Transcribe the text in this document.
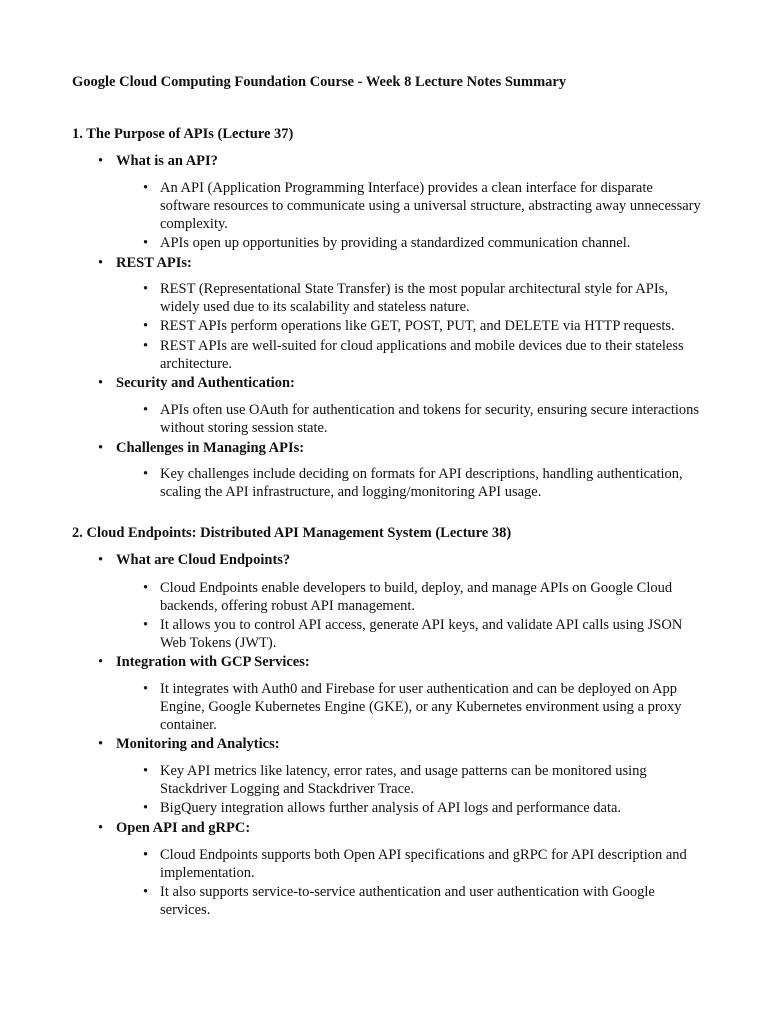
Google Cloud Computing Foundation Course - Week 8 Lecture Notes Summary
1. The Purpose of APIs (Lecture 37)
• What is an API?
• An API (Application Programming Interface) provides a clean interface for disparate software resources to communicate using a universal structure, abstracting away unnecessary complexity.
• APIs open up opportunities by providing a standardized communication channel.
• REST APIs:
• REST (Representational State Transfer) is the most popular architectural style for APIs, widely used due to its scalability and stateless nature.
• REST APIs perform operations like GET, POST, PUT, and DELETE via HTTP requests.
• REST APIs are well-suited for cloud applications and mobile devices due to their stateless architecture.
• Security and Authentication:
• APIs often use OAuth for authentication and tokens for security, ensuring secure interactions without storing session state.
• Challenges in Managing APIs:
• Key challenges include deciding on formats for API descriptions, handling authentication, scaling the API infrastructure, and logging/monitoring API usage.
2. Cloud Endpoints: Distributed API Management System (Lecture 38)
• What are Cloud Endpoints?
• Cloud Endpoints enable developers to build, deploy, and manage APIs on Google Cloud backends, offering robust API management.
• It allows you to control API access, generate API keys, and validate API calls using JSON Web Tokens (JWT).
• Integration with GCP Services:
• It integrates with Auth0 and Firebase for user authentication and can be deployed on App Engine, Google Kubernetes Engine (GKE), or any Kubernetes environment using a proxy container.
• Monitoring and Analytics:
• Key API metrics like latency, error rates, and usage patterns can be monitored using Stackdriver Logging and Stackdriver Trace.
• BigQuery integration allows further analysis of API logs and performance data.
• Open API and gRPC:
• Cloud Endpoints supports both Open API specifications and gRPC for API description and implementation.
• It also supports service-to-service authentication and user authentication with Google services.
